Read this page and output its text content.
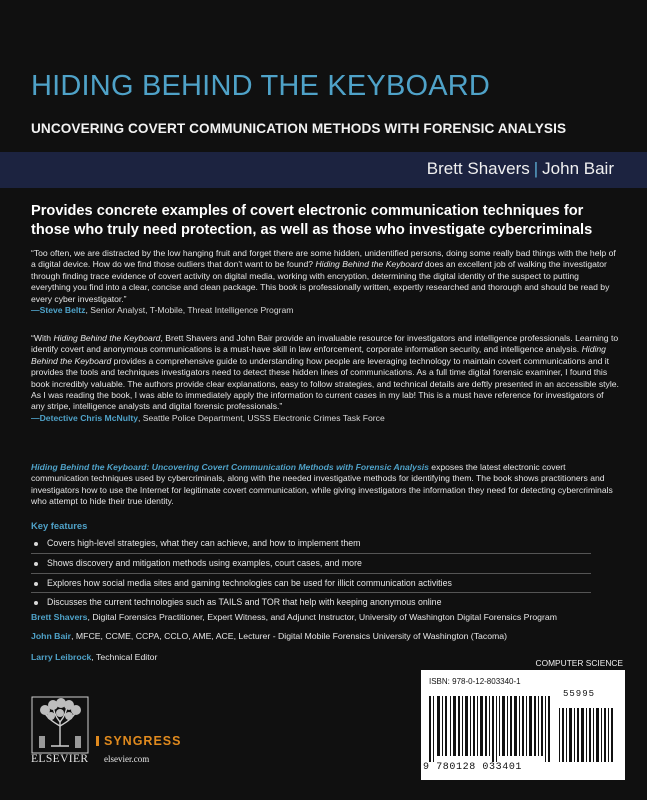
HIDING BEHIND THE KEYBOARD
UNCOVERING COVERT COMMUNICATION METHODS WITH FORENSIC ANALYSIS
Brett Shavers | John Bair
Provides concrete examples of covert electronic communication techniques for those who truly need protection, as well as those who investigate cybercriminals
“Too often, we are distracted by the low hanging fruit and forget there are some hidden, unidentified persons, doing some really bad things with the help of a digital device. How do we find those outliers that don't want to be found? Hiding Behind the Keyboard does an excellent job of walking the investigator through finding trace evidence of covert activity on digital media, working with encryption, determining the digital identity of the suspect to putting everything you find into a clear, concise and clean package. This book is professionally written, expertly researched and thorough and should be read by every cyber investigator.”
—Steve Beltz, Senior Analyst, T-Mobile, Threat Intelligence Program
“With Hiding Behind the Keyboard, Brett Shavers and John Bair provide an invaluable resource for investigators and intelligence professionals. Learning to identify covert and anonymous communications is a must-have skill in law enforcement, corporate information security, and intelligence analysis. Hiding Behind the Keyboard provides a comprehensive guide to understanding how people are leveraging technology to maintain covert communications and it provides the tools and techniques investigators need to detect these hidden lines of communications. As a full time digital forensic examiner, I found this book incredibly valuable. The authors provide clear explanations, easy to follow strategies, and technical details are deftly presented in an accessible style. As I was reading the book, I was able to immediately apply the information to current cases in my lab! This is a must have reference for investigators of any stripe, intelligence analysts and digital forensic professionals.”
—Detective Chris McNulty, Seattle Police Department, USSS Electronic Crimes Task Force
Hiding Behind the Keyboard: Uncovering Covert Communication Methods with Forensic Analysis exposes the latest electronic covert communication techniques used by cybercriminals, along with the needed investigative methods for identifying them. The book shows practitioners and investigators how to use the Internet for legitimate covert communication, while giving investigators the information they need for detecting cybercriminals who attempt to hide their true identity.
Key features
Covers high-level strategies, what they can achieve, and how to implement them
Shows discovery and mitigation methods using examples, court cases, and more
Explores how social media sites and gaming technologies can be used for illicit communication activities
Discusses the current technologies such as TAILS and TOR that help with keeping anonymous online
Brett Shavers, Digital Forensics Practitioner, Expert Witness, and Adjunct Instructor, University of Washington Digital Forensics Program
John Bair, MFCE, CCME, CCPA, CCLO, AME, ACE, Lecturer - Digital Mobile Forensics University of Washington (Tacoma)
Larry Leibrock, Technical Editor
COMPUTER SCIENCE
ISBN: 978-0-12-803340-1
55995
9 780128 033401
ELSEVIER
SYNGRESS
elsevier.com
